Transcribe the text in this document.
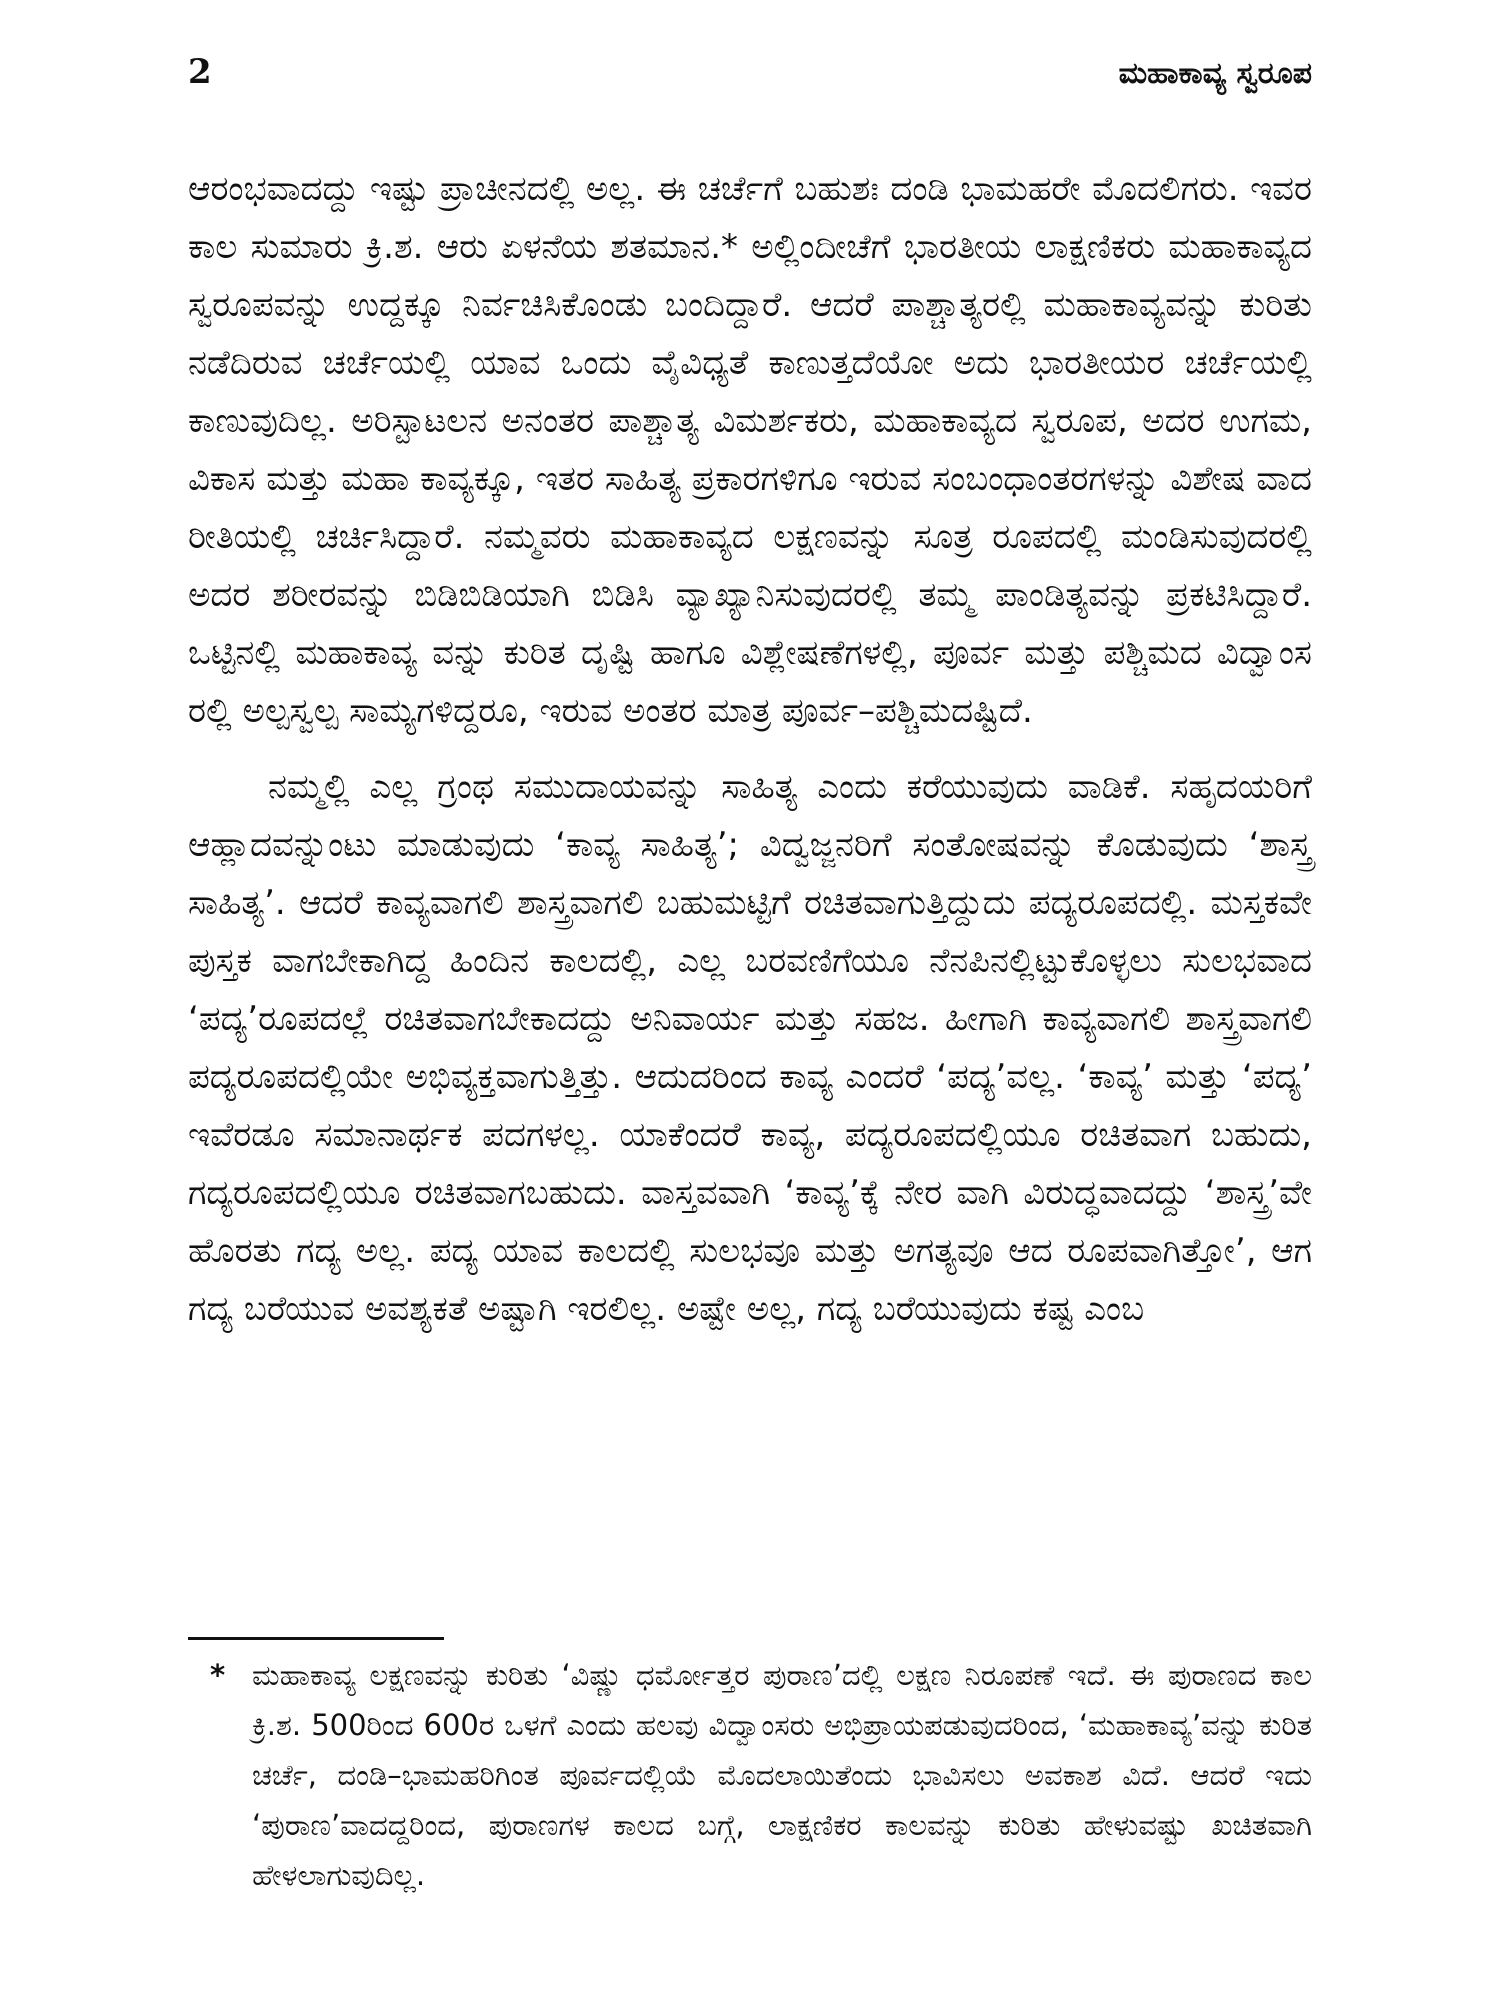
2	ಮಹಾಕಾವ್ಯ ಸ್ವರೂಪ

ಆರಂಭವಾದದ್ದು ಇಷ್ಟು ಪ್ರಾಚೀನದಲ್ಲಿ ಅಲ್ಲ. ಈ ಚರ್ಚೆಗೆ ಬಹುಶಃ ದಂಡಿ ಭಾಮಹರೇ ಮೊದಲಿಗರು. ಇವರ ಕಾಲ ಸುಮಾರು ಕ್ರಿ.ಶ. ಆರು ಏಳನೆಯ ಶತಮಾನ.* ಅಲ್ಲಿಂದೀಚೆಗೆ ಭಾರತೀಯ ಲಾಕ್ಷಣಿಕರು ಮಹಾಕಾವ್ಯದ ಸ್ವರೂಪವನ್ನು ಉದ್ದಕ್ಕೂ ನಿರ್ವಚಿಸಿಕೊಂಡು ಬಂದಿದ್ದಾರೆ. ಆದರೆ ಪಾಶ್ಚಾತ್ಯರಲ್ಲಿ ಮಹಾಕಾವ್ಯವನ್ನು ಕುರಿತು ನಡೆದಿರುವ ಚರ್ಚೆಯಲ್ಲಿ ಯಾವ ಒಂದು ವೈವಿಧ್ಯತೆ ಕಾಣುತ್ತದೆಯೋ ಅದು ಭಾರತೀಯರ ಚರ್ಚೆಯಲ್ಲಿ ಕಾಣುವುದಿಲ್ಲ. ಅರಿಸ್ಟಾಟಲನ ಅನಂತರ ಪಾಶ್ಚಾತ್ಯ ವಿಮರ್ಶಕರು, ಮಹಾಕಾವ್ಯದ ಸ್ವರೂಪ, ಅದರ ಉಗಮ, ವಿಕಾಸ ಮತ್ತು ಮಹಾ ಕಾವ್ಯಕ್ಕೂ, ಇತರ ಸಾಹಿತ್ಯ ಪ್ರಕಾರಗಳಿಗೂ ಇರುವ ಸಂಬಂಧಾಂತರಗಳನ್ನು ವಿಶೇಷ ವಾದ ರೀತಿಯಲ್ಲಿ ಚರ್ಚಿಸಿದ್ದಾರೆ. ನಮ್ಮವರು ಮಹಾಕಾವ್ಯದ ಲಕ್ಷಣವನ್ನು ಸೂತ್ರ ರೂಪದಲ್ಲಿ ಮಂಡಿಸುವುದರಲ್ಲಿ ಅದರ ಶರೀರವನ್ನು ಬಿಡಿಬಿಡಿಯಾಗಿ ಬಿಡಿಸಿ ವ್ಯಾಖ್ಯಾನಿಸುವುದರಲ್ಲಿ ತಮ್ಮ ಪಾಂಡಿತ್ಯವನ್ನು ಪ್ರಕಟಿಸಿದ್ದಾರೆ. ಒಟ್ಟಿನಲ್ಲಿ ಮಹಾಕಾವ್ಯ ವನ್ನು ಕುರಿತ ದೃಷ್ಟಿ ಹಾಗೂ ವಿಶ್ಲೇಷಣೆಗಳಲ್ಲಿ, ಪೂರ್ವ ಮತ್ತು ಪಶ್ಚಿಮದ ವಿದ್ವಾಂಸ ರಲ್ಲಿ ಅಲ್ಪಸ್ವಲ್ಪ ಸಾಮ್ಯಗಳಿದ್ದರೂ, ಇರುವ ಅಂತರ ಮಾತ್ರ ಪೂರ್ವ–ಪಶ್ಚಿಮದಷ್ಟಿದೆ.

ನಮ್ಮಲ್ಲಿ ಎಲ್ಲ ಗ್ರಂಥ ಸಮುದಾಯವನ್ನು ಸಾಹಿತ್ಯ ಎಂದು ಕರೆಯುವುದು ವಾಡಿಕೆ. ಸಹೃದಯರಿಗೆ ಆಹ್ಲಾದವನ್ನುಂಟು ಮಾಡುವುದು ‘ಕಾವ್ಯ ಸಾಹಿತ್ಯ’; ವಿದ್ವಜ್ಜನರಿಗೆ ಸಂತೋಷವನ್ನು ಕೊಡುವುದು ‘ಶಾಸ್ತ್ರ ಸಾಹಿತ್ಯ’. ಆದರೆ ಕಾವ್ಯವಾಗಲಿ ಶಾಸ್ತ್ರವಾಗಲಿ ಬಹುಮಟ್ಟಿಗೆ ರಚಿತವಾಗುತ್ತಿದ್ದುದು ಪದ್ಯರೂಪದಲ್ಲಿ. ಮಸ್ತಕವೇ ಪುಸ್ತಕ ವಾಗಬೇಕಾಗಿದ್ದ ಹಿಂದಿನ ಕಾಲದಲ್ಲಿ, ಎಲ್ಲ ಬರವಣಿಗೆಯೂ ನೆನಪಿನಲ್ಲಿಟ್ಟುಕೊಳ್ಳಲು ಸುಲಭವಾದ ‘ಪದ್ಯ’ರೂಪದಲ್ಲೆ ರಚಿತವಾಗಬೇಕಾದದ್ದು ಅನಿವಾರ್ಯ ಮತ್ತು ಸಹಜ. ಹೀಗಾಗಿ ಕಾವ್ಯವಾಗಲಿ ಶಾಸ್ತ್ರವಾಗಲಿ ಪದ್ಯರೂಪದಲ್ಲಿಯೇ ಅಭಿವ್ಯಕ್ತವಾಗುತ್ತಿತ್ತು. ಆದುದರಿಂದ ಕಾವ್ಯ ಎಂದರೆ ‘ಪದ್ಯ’ವಲ್ಲ. ‘ಕಾವ್ಯ’ ಮತ್ತು ‘ಪದ್ಯ’ ಇವೆರಡೂ ಸಮಾನಾರ್ಥಕ ಪದಗಳಲ್ಲ. ಯಾಕೆಂದರೆ ಕಾವ್ಯ, ಪದ್ಯರೂಪದಲ್ಲಿಯೂ ರಚಿತವಾಗ ಬಹುದು, ಗದ್ಯರೂಪದಲ್ಲಿಯೂ ರಚಿತವಾಗಬಹುದು. ವಾಸ್ತವವಾಗಿ ‘ಕಾವ್ಯ’ಕ್ಕೆ ನೇರ ವಾಗಿ ವಿರುದ್ಧವಾದದ್ದು ‘ಶಾಸ್ತ್ರ’ವೇ ಹೊರತು ಗದ್ಯ ಅಲ್ಲ. ಪದ್ಯ ಯಾವ ಕಾಲದಲ್ಲಿ ಸುಲಭವೂ ಮತ್ತು ಅಗತ್ಯವೂ ಆದ ರೂಪವಾಗಿತ್ತೋ’, ಆಗ ಗದ್ಯ ಬರೆಯುವ ಅವಶ್ಯಕತೆ ಅಷ್ಟಾಗಿ ಇರಲಿಲ್ಲ. ಅಷ್ಟೇ ಅಲ್ಲ, ಗದ್ಯ ಬರೆಯುವುದು ಕಷ್ಟ ಎಂಬ

* ಮಹಾಕಾವ್ಯ ಲಕ್ಷಣವನ್ನು ಕುರಿತು ‘ವಿಷ್ಣು ಧರ್ಮೋತ್ತರ ಪುರಾಣ’ದಲ್ಲಿ ಲಕ್ಷಣ ನಿರೂಪಣೆ ಇದೆ. ಈ ಪುರಾಣದ ಕಾಲ ಕ್ರಿ.ಶ. 500ರಿಂದ 600ರ ಒಳಗೆ ಎಂದು ಹಲವು ವಿದ್ವಾಂಸರು ಅಭಿಪ್ರಾಯಪಡುವುದರಿಂದ, ‘ಮಹಾಕಾವ್ಯ’ವನ್ನು ಕುರಿತ ಚರ್ಚೆ, ದಂಡಿ–ಭಾಮಹರಿಗಿಂತ ಪೂರ್ವದಲ್ಲಿಯೆ ಮೊದಲಾಯಿತೆಂದು ಭಾವಿಸಲು ಅವಕಾಶ ವಿದೆ. ಆದರೆ ಇದು ‘ಪುರಾಣ’ವಾದದ್ದರಿಂದ, ಪುರಾಣಗಳ ಕಾಲದ ಬಗ್ಗೆ, ಲಾಕ್ಷಣಿಕರ ಕಾಲವನ್ನು ಕುರಿತು ಹೇಳುವಷ್ಟು ಖಚಿತವಾಗಿ ಹೇಳಲಾಗುವುದಿಲ್ಲ.
